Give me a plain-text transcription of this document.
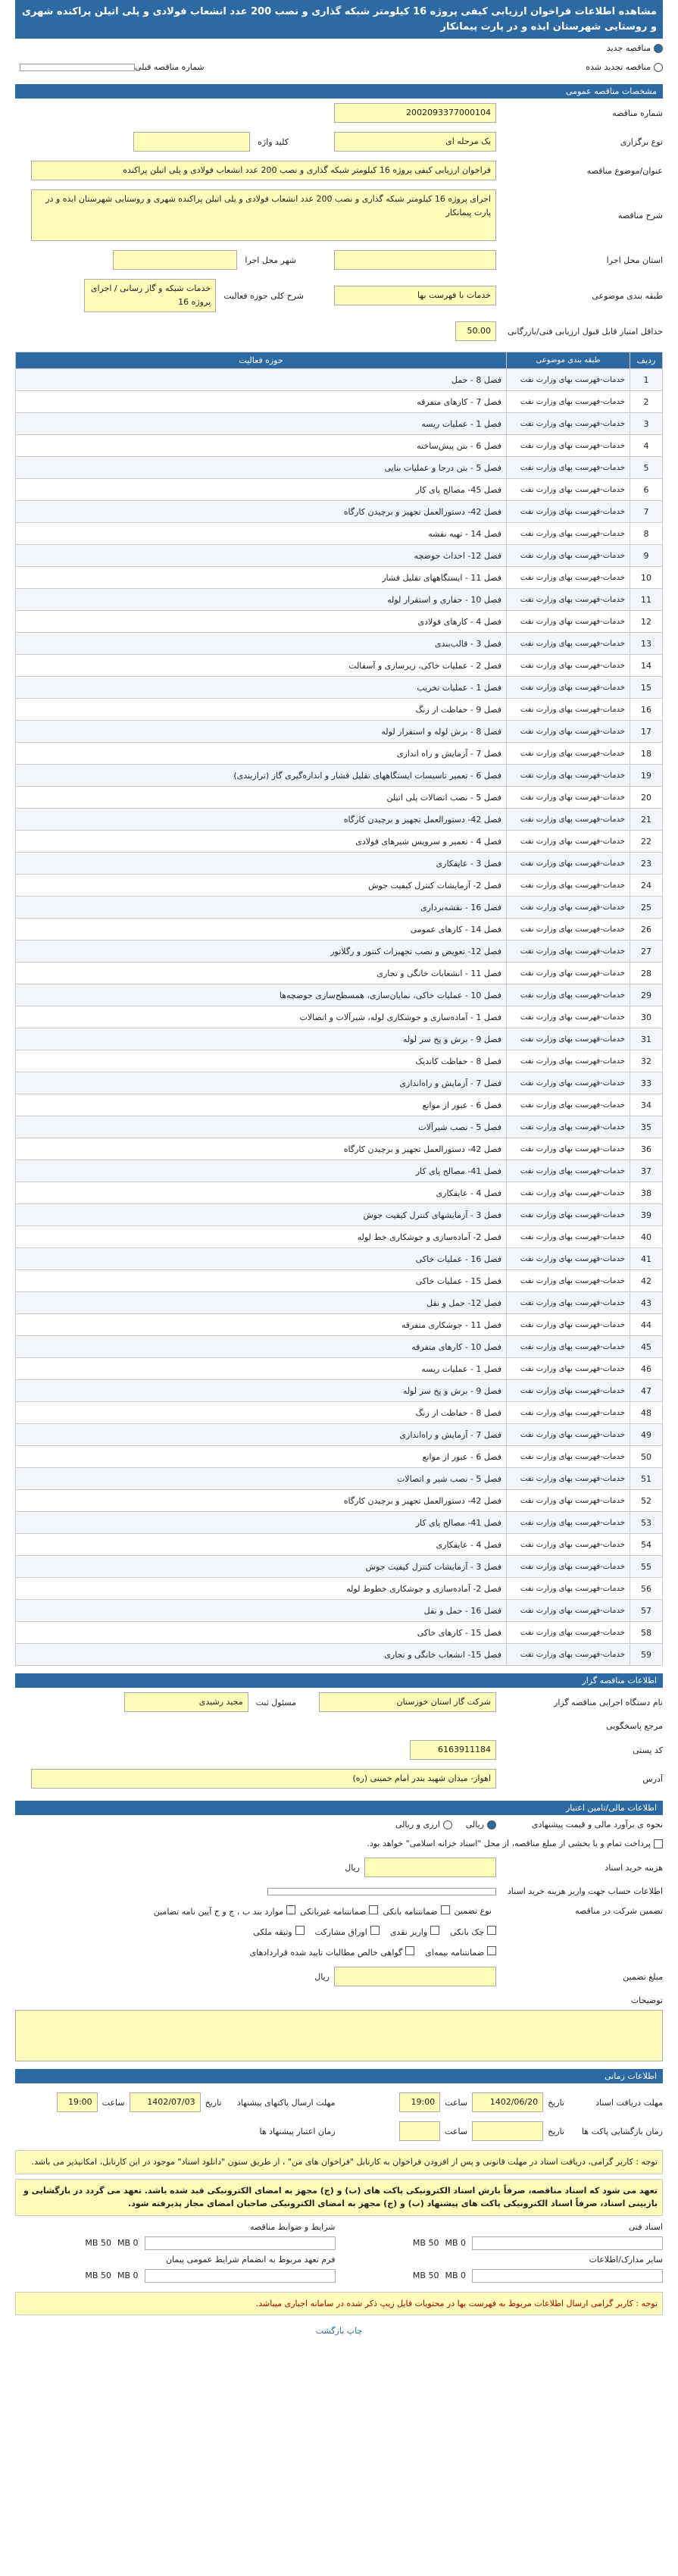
مشاهده اطلاعات فراخوان ارزیابی کیفی پروژه 16 کیلومتر شبکه گذاری و نصب 200 عدد انشعاب فولادی و پلی اتیلن پراکنده شهری و روستایی شهرستان ایذه و در پارت پیمانکار
مناقصه جدید
مناقصه تجدید شده
شماره مناقصه قبلی
مشخصات مناقصه عمومی
شماره مناقصه
2002093377000104
نوع برگزاری
یک مرحله ای
کلید واژه
عنوان/موضوع مناقصه
فراخوان ارزیابی کیفی پروژه 16 کیلومتر شبکه گذاری و نصب 200 عدد انشعاب فولادی و پلی اتیلن پراکنده
شرح مناقصه
اجرای پروژه 16 کیلومتر شبکه گذاری و نصب 200 عدد انشعاب فولادی و پلی اتیلن پراکنده شهری و روستایی شهرستان ایذه و در پارت پیمانکار
استان محل اجرا
شهر محل اجرا
طبقه بندی موضوعی
خدمات با فهرست بها
شرح کلی حوزه فعالیت
خدمات شبکه و گاز رسانی / اجرای پروژه 16
حداقل امتیاز قابل قبول ارزیابی فنی/بازرگانی
50.00
ردیف	طبقه بندی موضوعی	حوزه فعالیت
1	خدمات-فهرست بهای وزارت نفت	فصل 8 - حمل
2	خدمات-فهرست بهای وزارت نفت	فصل 7 - کارهای متفرقه
3	خدمات-فهرست بهای وزارت نفت	فصل 1 - عملیات ریسه
4	خدمات-فهرست بهای وزارت نفت	فصل 6 - بتن پیش‌ساخته
5	خدمات-فهرست بهای وزارت نفت	فصل 5 - بتن درجا و عملیات بنایی
6	خدمات-فهرست بهای وزارت نفت	فصل 45- مصالح پای کار
7	خدمات-فهرست بهای وزارت نفت	فصل 42- دستورالعمل تجهیز و برچیدن کارگاه
8	خدمات-فهرست بهای وزارت نفت	فصل 14 - تهیه نقشه
9	خدمات-فهرست بهای وزارت نفت	فصل 12- احداث جوضچه
10	خدمات-فهرست بهای وزارت نفت	فصل 11 - ایستگاههای تقلیل فشار
11	خدمات-فهرست بهای وزارت نفت	فصل 10 - حفاری و استقرار لوله
12	خدمات-فهرست بهای وزارت نفت	فصل 4 - کارهای فولادی
13	خدمات-فهرست بهای وزارت نفت	فصل 3 - قالب‌بندی
14	خدمات-فهرست بهای وزارت نفت	فصل 2 - عملیات خاکی، زیرسازی و آسفالت
15	خدمات-فهرست بهای وزارت نفت	فصل 1 - عملیات تخریب
16	خدمات-فهرست بهای وزارت نفت	فصل 9 - حفاظت از زنگ
17	خدمات-فهرست بهای وزارت نفت	فصل 8 - برش لوله و استقرار لوله
18	خدمات-فهرست بهای وزارت نفت	فصل 7 - آزمایش و راه اندازی
19	خدمات-فهرست بهای وزارت نفت	فصل 6 - تعمیر تاسیسات ایستگاههای تقلیل فشار و اندازه‌گیری گاز (تراز‌بندی)
20	خدمات-فهرست بهای وزارت نفت	فصل 5 - نصب اتصالات پلی اتیلن
21	خدمات-فهرست بهای وزارت نفت	فصل 42- دستورالعمل تجهیز و برچیدن کارگاه
22	خدمات-فهرست بهای وزارت نفت	فصل 4 - تعمیر و سرویس شیرهای فولادی
23	خدمات-فهرست بهای وزارت نفت	فصل 3 - عایقکاری
24	خدمات-فهرست بهای وزارت نفت	فصل 2- آزمایشات کنترل کیفیت جوش
25	خدمات-فهرست بهای وزارت نفت	فصل 16 - نقشه‌برداری
26	خدمات-فهرست بهای وزارت نفت	فصل 14 - کارهای عمومی
27	خدمات-فهرست بهای وزارت نفت	فصل 12- تعویض و نصب تجهیزات کنتور و رگلاتور
28	خدمات-فهرست بهای وزارت نفت	فصل 11 - انشعابات خانگی و تجاری
29	خدمات-فهرست بهای وزارت نفت	فصل 10 - عملیات خاکی، نمایان‌سازی، همسطح‌سازی جوضچه‌ها
30	خدمات-فهرست بهای وزارت نفت	فصل 1 - آماده‌سازی و جوشکاری لوله، شیرآلات و اتصالات
31	خدمات-فهرست بهای وزارت نفت	فصل 9 - برش و پخ سر لوله
32	خدمات-فهرست بهای وزارت نفت	فصل 8 - حفاظت کاتدیک
33	خدمات-فهرست بهای وزارت نفت	فصل 7 - آزمایش و راه‌اندازی
34	خدمات-فهرست بهای وزارت نفت	فصل 6 - عبور از موانع
35	خدمات-فهرست بهای وزارت نفت	فصل 5 - نصب شیرآلات
36	خدمات-فهرست بهای وزارت نفت	فصل 42- دستورالعمل تجهیز و برچیدن کارگاه
37	خدمات-فهرست بهای وزارت نفت	فصل 41- مصالح پای کار
38	خدمات-فهرست بهای وزارت نفت	فصل 4 - عایقکاری
39	خدمات-فهرست بهای وزارت نفت	فصل 3 - آزمایشهای کنترل کیفیت جوش
40	خدمات-فهرست بهای وزارت نفت	فصل 2- آماده‌سازی و جوشکاری خط لوله
41	خدمات-فهرست بهای وزارت نفت	فصل 16 - عملیات خاکی
42	خدمات-فهرست بهای وزارت نفت	فصل 15 - عملیات خاکی
43	خدمات-فهرست بهای وزارت نفت	فصل 12- حمل و نقل
44	خدمات-فهرست بهای وزارت نفت	فصل 11 - جوشکاری متفرقه
45	خدمات-فهرست بهای وزارت نفت	فصل 10 - کارهای متفرقه
46	خدمات-فهرست بهای وزارت نفت	فصل 1 - عملیات ریسه
47	خدمات-فهرست بهای وزارت نفت	فصل 9 - برش و پخ سر لوله
48	خدمات-فهرست بهای وزارت نفت	فصل 8 - حفاظت از زنگ
49	خدمات-فهرست بهای وزارت نفت	فصل 7 - آزمایش و راه‌اندازی
50	خدمات-فهرست بهای وزارت نفت	فصل 6 - عبور از موانع
51	خدمات-فهرست بهای وزارت نفت	فصل 5 - نصب شیر و اتصالات
52	خدمات-فهرست بهای وزارت نفت	فصل 42- دستورالعمل تجهیز و برچیدن کارگاه
53	خدمات-فهرست بهای وزارت نفت	فصل 41- مصالح پای کار
54	خدمات-فهرست بهای وزارت نفت	فصل 4 - عایقکاری
55	خدمات-فهرست بهای وزارت نفت	فصل 3 - آزمایشات کنترل کیفیت جوش
56	خدمات-فهرست بهای وزارت نفت	فصل 2- آماده‌سازی و جوشکاری خطوط لوله
57	خدمات-فهرست بهای وزارت نفت	فصل 16 - حمل و نقل
58	خدمات-فهرست بهای وزارت نفت	فصل 15 - کارهای خاکی
59	خدمات-فهرست بهای وزارت نفت	فصل 15- انشعاب خانگی و تجاری
اطلاعات مناقصه گزار
نام دستگاه اجرایی مناقصه گزار
شرکت گاز استان خوزستان
مسئول ثبت
مجید رشیدی
مرجع پاسخگویی
کد پستی
6163911184
آدرس
اهواز- میدان شهید بندر امام خمینی (ره)
اطلاعات مالی/تامین اعتبار
نحوه ی برآورد مالی و قیمت پیشنهادی
ریالی
ارزی و ریالی
پرداخت تمام و یا بخشی از مبلغ مناقصه، از محل "اسناد خزانه اسلامی" خواهد بود.
هزینه خرید اسناد
ریال
اطلاعات حساب جهت واریز هزینه خرید اسناد
تضمین شرکت در مناقصه
نوع تضمین
ضمانتنامه بانکی
صمانتنامه غیربانکی
موارد بند ب ، ج و ح آیین نامه تضامین
چک بانکی
واریز نقدی
اوراق مشارکت
وثیقه ملکی
ضمانتنامه بیمه‌ای
گواهی خالص مطالبات تایید شده قراردادهای
مبلغ تضمین
ریال
توضیحات
اطلاعات زمانی
مهلت دریافت اسناد
تاریخ
1402/06/20
ساعت
19:00
مهلت ارسال پاکتهای پیشنهاد
تاریخ
1402/07/03
ساعت
19:00
زمان بازگشایی پاکت ها
تاریخ
ساعت
زمان اعتبار پیشنهاد ها
توجه : کاربر گرامی، دریافت اسناد در مهلت قانونی و پس از افزودن فراخوان به کارتابل "فراخوان های من" ، از طریق ستون "دانلود اسناد" موجود در این کارتابل، امکانپذیر می باشد.
تعهد می شود که اسناد مناقصه، صرفاً بارش اسناد الکترونیکی پاکت های (ب) و (ج) مجهز به امضای الکترونیکی قید شده باشد. تعهد می گردد در بارگشایی و بازبینی اسناد، صرفاً اسناد الکترونیکی پاکت های پیشنهاد (ب) و (ج) مجهز به امضای الکترونیکی صاحبان امضای مجاز پذیرفته شود.
اسناد فنی
0 MB
50 MB
سایر مدارک/اطلاعات
0 MB
50 MB
شرایط و ضوابط مناقصه
0 MB
50 MB
فرم تعهد مربوط به انضمام شرایط عمومی پیمان
0 MB
50 MB
توجه : کاربر گرامی ارسال اطلاعات مربوط به فهرست بها در محتویات فایل زیپ ذکر شده در سامانه اجباری میباشد.
چاپ بازگشت
